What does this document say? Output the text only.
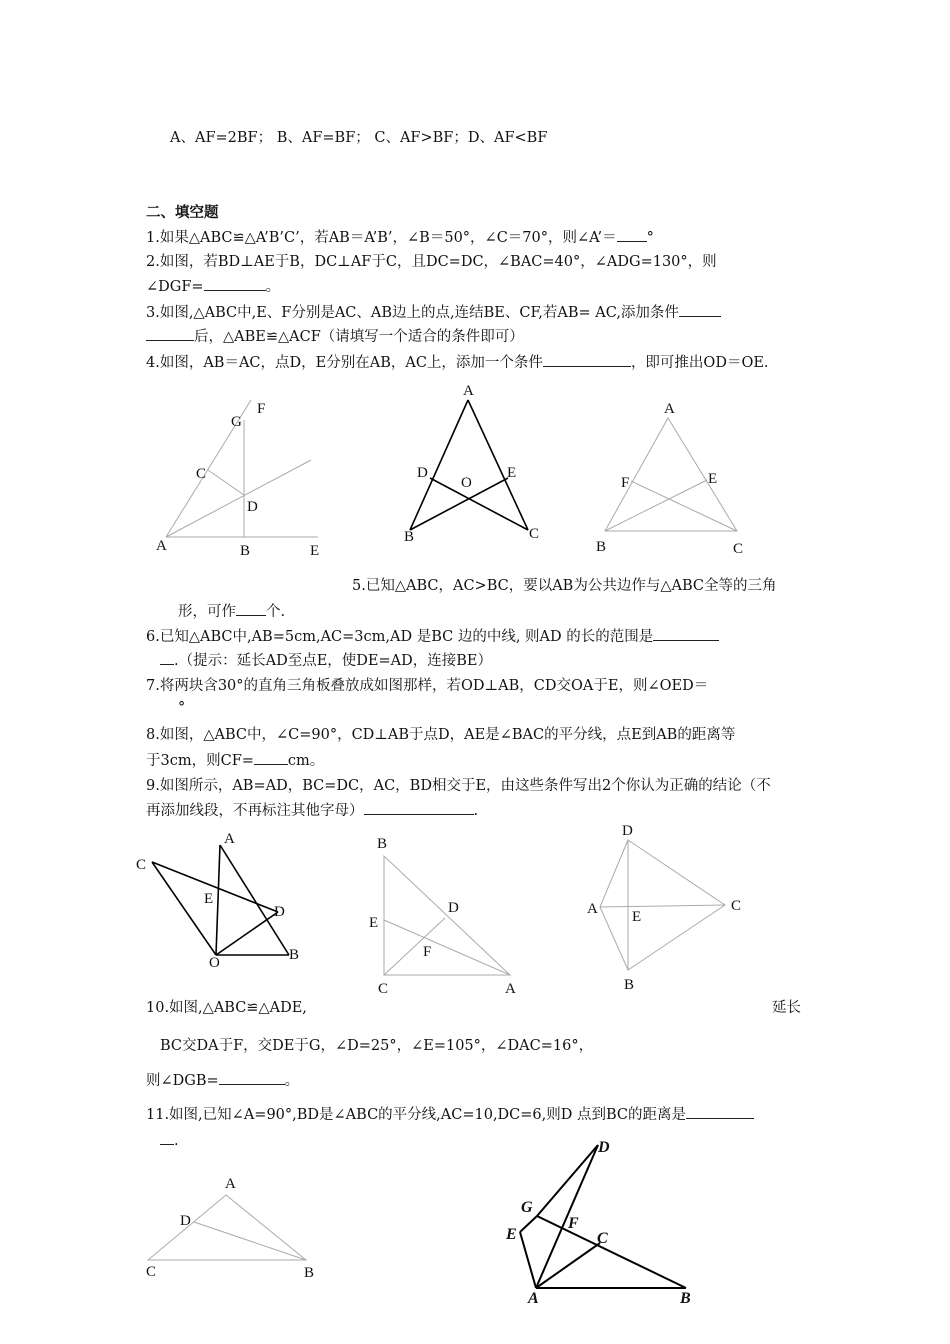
A、AF=2BF； B、AF=BF； C、AF>BF；D、AF<BF
二、填空题
1.如果△ABC≌△A’B’C’，若AB＝A’B’，∠B＝50°，∠C＝70°，则∠A’＝ °
2.如图，若BD⊥AE于B，DC⊥AF于C，且DC=DC，∠BAC=40°，∠ADG=130°，则
∠DGF=	。
3.如图,△ABC中,E、F分别是AC、AB边上的点,连结BE、CF,若AB= AC,添加条件
后，△ABE≌△ACF（请填写一个适合的条件即可）
4.如图，AB＝AC，点D，E分别在AB，AC上，添加一个条件	，即可推出OD＝OE.
5.已知△ABC，AC>BC，要以AB为公共边作与△ABC全等的三角
形，可作 个.
6.已知△ABC中,AB=5cm,AC=3cm,AD 是BC 边的中线, 则AD 的长的范围是
.（提示：延长AD至点E，使DE=AD，连接BE）
7.将两块含30°的直角三角板叠放成如图那样，若OD⊥AB，CD交OA于E，则∠OED＝
°
8.如图，△ABC中，∠C=90°，CD⊥AB于点D，AE是∠BAC的平分线，点E到AB的距离等
于3cm，则CF= cm。
9.如图所示，AB=AD，BC=DC，AC，BD相交于E，由这些条件写出2个你认为正确的结论（不
再添加线段，不再标注其他字母）	.
10.如图,△ABC≌△ADE,	延长
BC交DA于F，交DE于G，∠D=25°，∠E=105°，∠DAC=16°，
则∠DGB=	。
11.如图,已知∠A=90°,BD是∠ABC的平分线,AC=10,DC=6,则D 点到BC的距离是
.
G
F
C
D
A	B	E
A
D	E
O
B	C
A
F	E
B	C
A
C
E
D
O	B
B
D
E
F
C	A
D
A E
C
B
A
D
C	B
D
G
F
E	C
A	B
